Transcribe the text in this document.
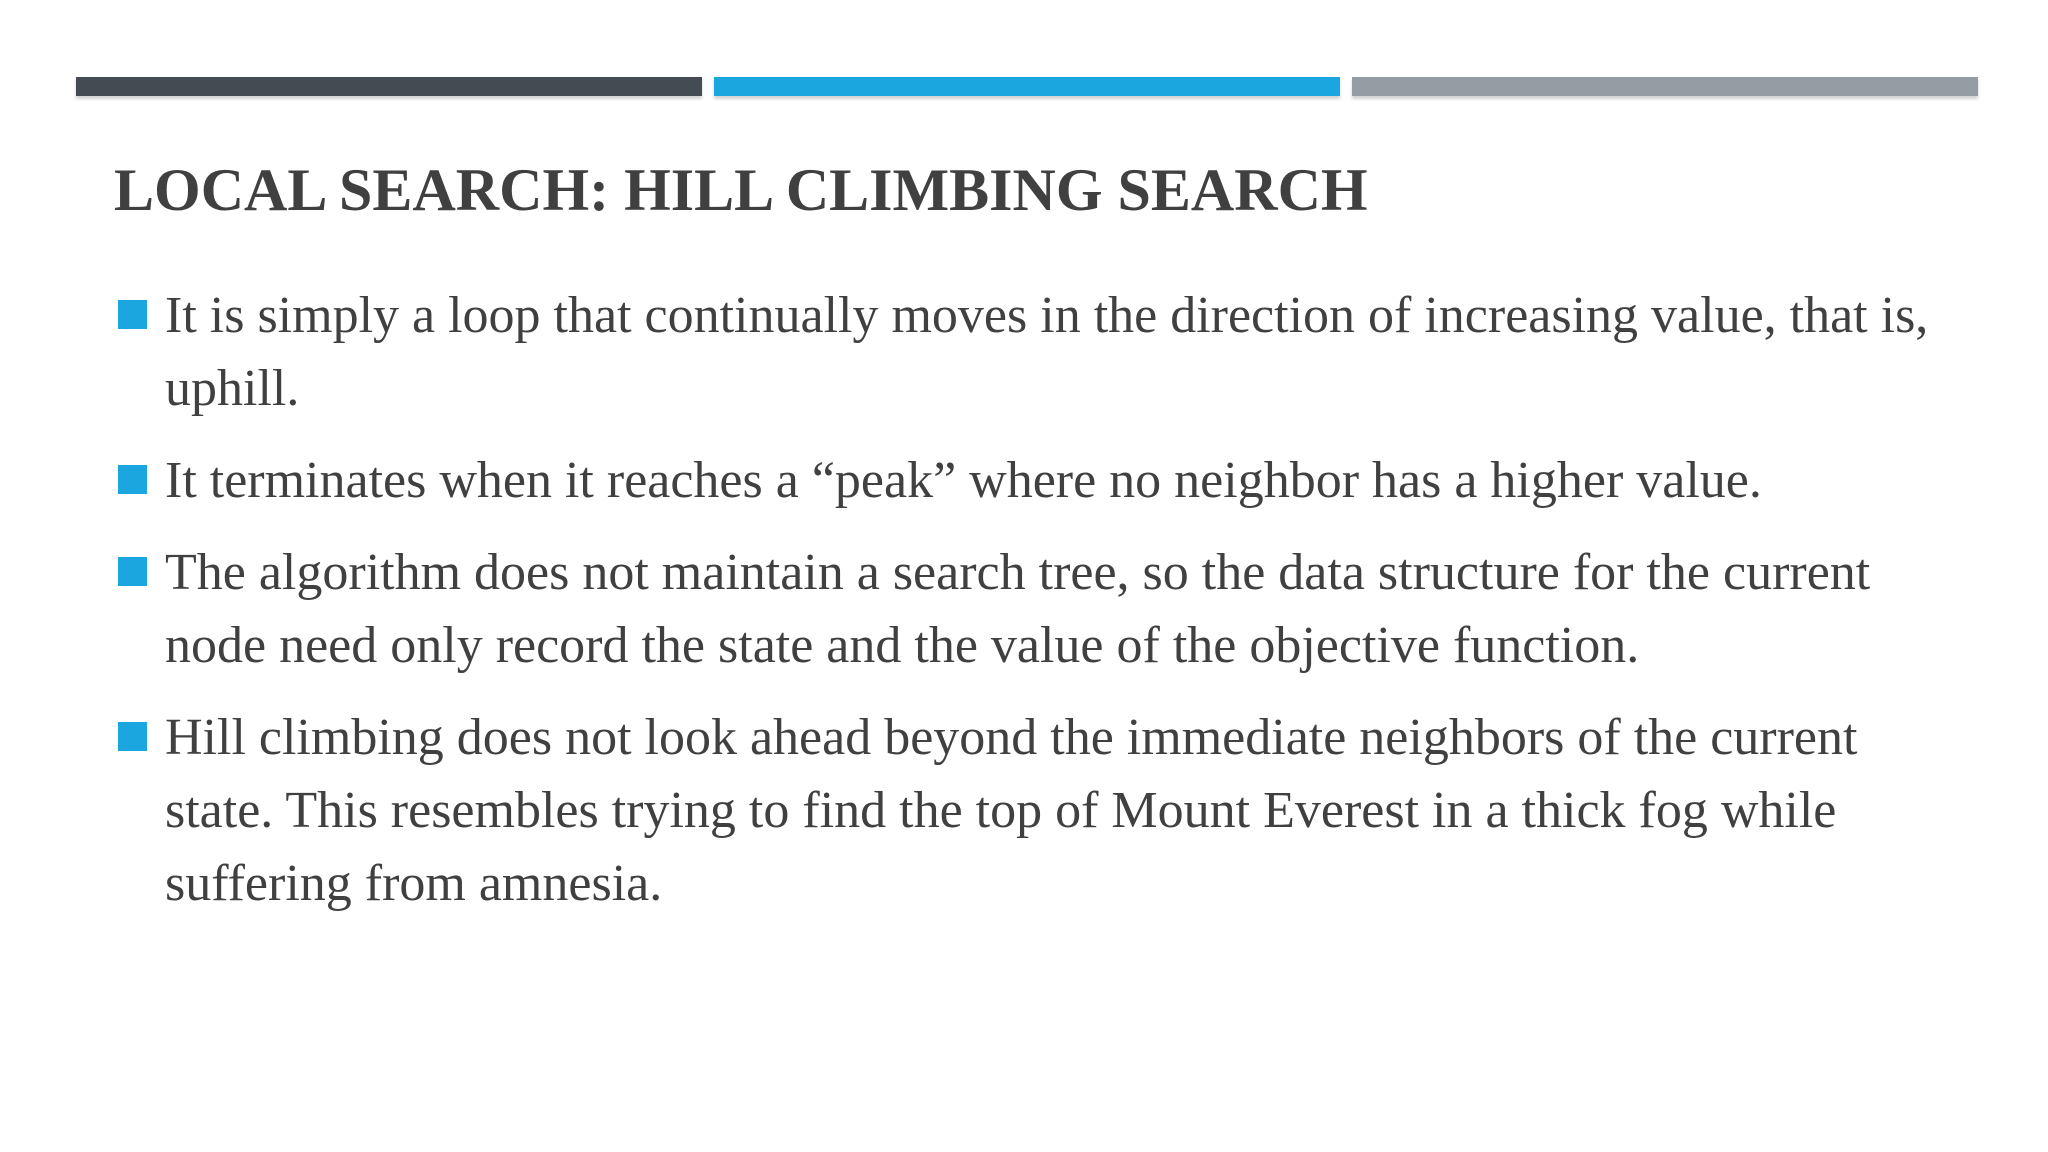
LOCAL SEARCH: HILL CLIMBING SEARCH
It is simply a loop that continually moves in the direction of increasing value, that is, uphill.
It terminates when it reaches a “peak” where no neighbor has a higher value.
The algorithm does not maintain a search tree, so the data structure for the current node need only record the state and the value of the objective function.
Hill climbing does not look ahead beyond the immediate neighbors of the current state. This resembles trying to find the top of Mount Everest in a thick fog while suffering from amnesia.
